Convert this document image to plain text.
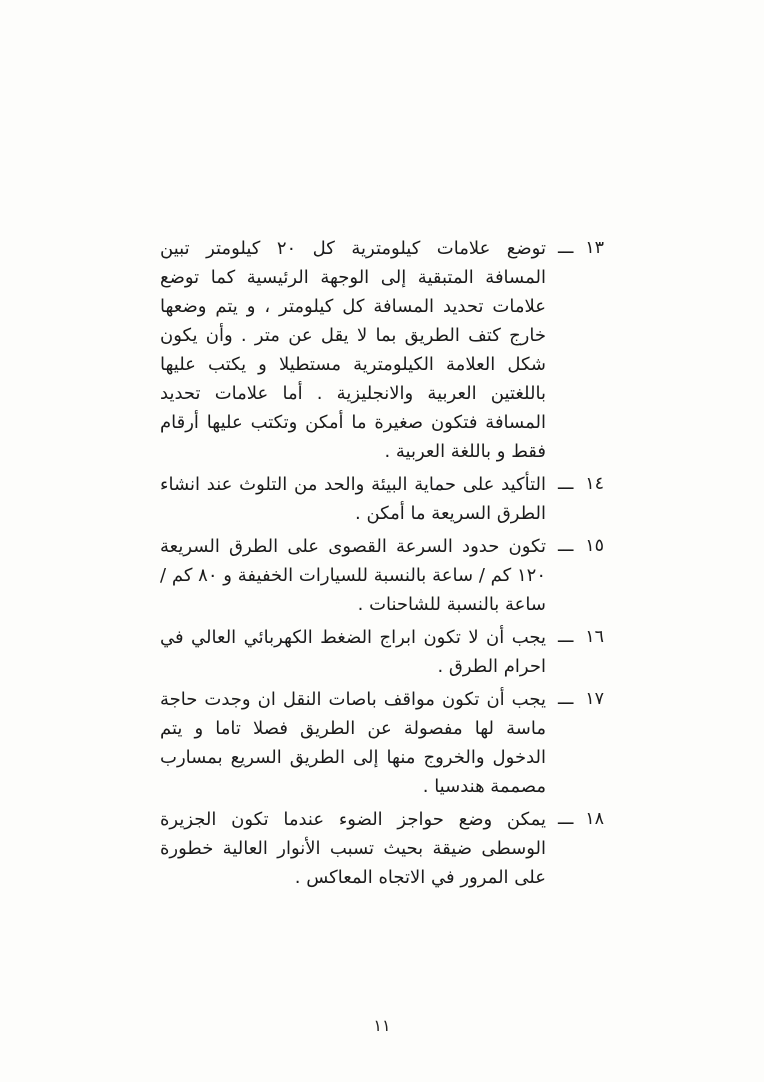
١٣
ـــ
توضع علامات كيلومترية كل ٢٠ كيلومتر تبين المسافة المتبقية إلى الوجهة الرئيسية كما توضع علامات تحديد المسافة كل كيلومتر ، و يتم وضعها خارج كتف الطريق بما لا يقل عن متر . وأن يكون شكل العلامة الكيلومترية مستطيلا و يكتب عليها باللغتين العربية والانجليزية . أما علامات تحديد المسافة فتكون صغيرة ما أمكن وتكتب عليها أرقام فقط و باللغة العربية .
١٤
ـــ
التأكيد على حماية البيئة والحد من التلوث عند انشاء الطرق السريعة ما أمكن .
١٥
ـــ
تكون حدود السرعة القصوى على الطرق السريعة ١٢٠ كم / ساعة بالنسبة للسيارات الخفيفة و ٨٠ كم / ساعة بالنسبة للشاحنات .
١٦
ـــ
يجب أن لا تكون ابراج الضغط الكهربائي العالي في احرام الطرق .
١٧
ـــ
يجب أن تكون مواقف باصات النقل ان وجدت حاجة ماسة لها مفصولة عن الطريق فصلا تاما و يتم الدخول والخروج منها إلى الطريق السريع بمسارب مصممة هندسيا .
١٨
ـــ
يمكن وضع حواجز الضوء عندما تكون الجزيرة الوسطى ضيقة بحيث تسبب الأنوار العالية خطورة على المرور في الاتجاه المعاكس .
١١
